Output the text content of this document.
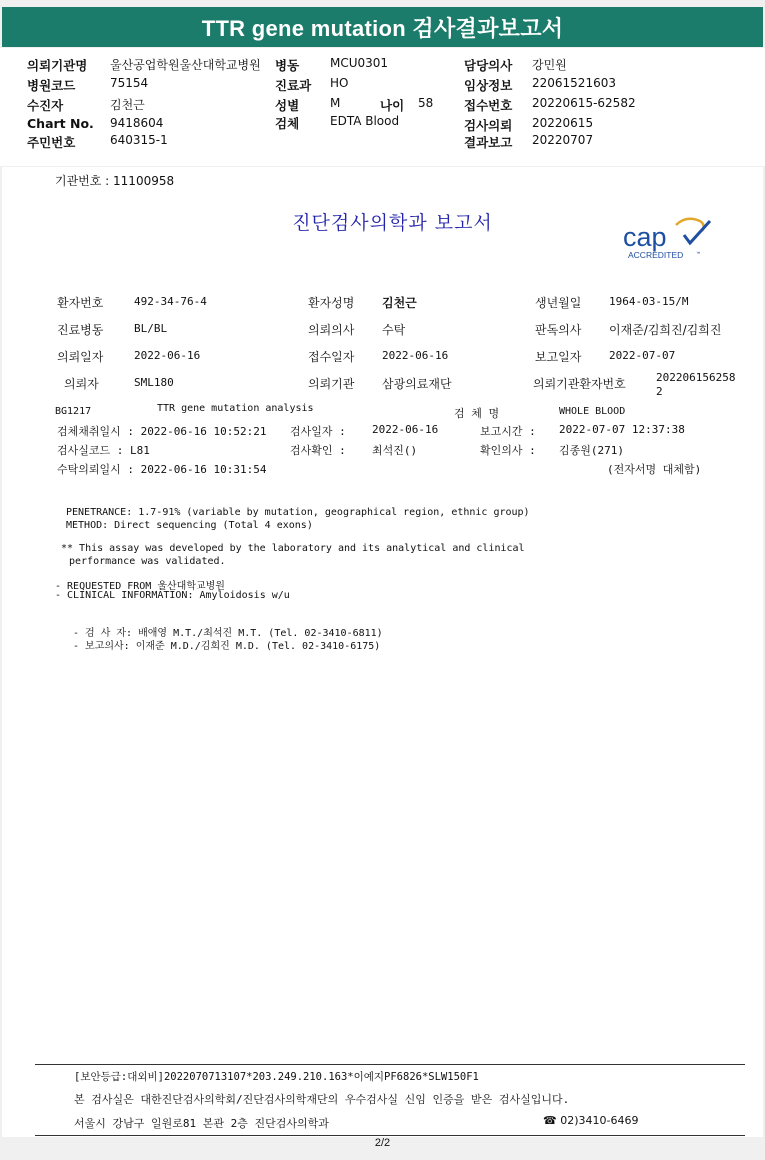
TTR gene mutation 검사결과보고서
의뢰기관명 울산공업학원울산대학교병원 병동	MCU0301	담당의사 강민원
병원코드	75154	진료과 HO	임상정보 22061521603
수진자	김천근	성별	M	나이 58 접수번호 20220615-62582
Chart No. 9418604	검체	EDTA Blood	검사의뢰 20220615
주민번호	640315-1	결과보고 20220707
기관번호 : 11100958
진단검사의학과 보고서	cap
ACCREDITED	™
환자번호	492-34-76-4	환자성명 김천근	생년월일	1964-03-15/M
진료병동	BL/BL	의뢰의사 수탁	판독의사 이재준/김희진/김희진
의뢰일자	2022-06-16	접수일자	2022-06-16	보고일자	2022-07-07
의뢰자	SML180	의뢰기관 삼광의료재단	의뢰기관환자번호	202206156258
2
BG1217	TTR gene mutation analysis	검 체 명	WHOLE BLOOD
검체채취일시 : 2022-06-16 10:52:21 검사일자 : 2022-06-16	보고시간 : 2022-07-07 12:37:38
검사실코드 : L81	검사확인 : 최석진()	확인의사 : 김종원(271)
수탁의뢰일시 : 2022-06-16 10:31:54	(전자서명 대체함)
PENETRANCE: 1.7-91% (variable by mutation, geographical region, ethnic group)
METHOD: Direct sequencing (Total 4 exons)
** This assay was developed by the laboratory and its analytical and clinical
performance was validated.
- REQUESTED FROM 울산대학교병원
- CLINICAL INFORMATION: Amyloidosis w/u
- 검 사 자: 배애영 M.T./최석진 M.T. (Tel. 02-3410-6811)
- 보고의사: 이재준 M.D./김희진 M.D. (Tel. 02-3410-6175)
[보안등급:대외비]2022070713107*203.249.210.163*이예지PF6826*SLW150F1
본 검사실은 대한진단검사의학회/진단검사의학재단의 우수검사실 신임 인증을 받은 검사실입니다.
서울시 강남구 일원로81 본관 2층 진단검사의학과	☎ 02)3410-6469
2/2
